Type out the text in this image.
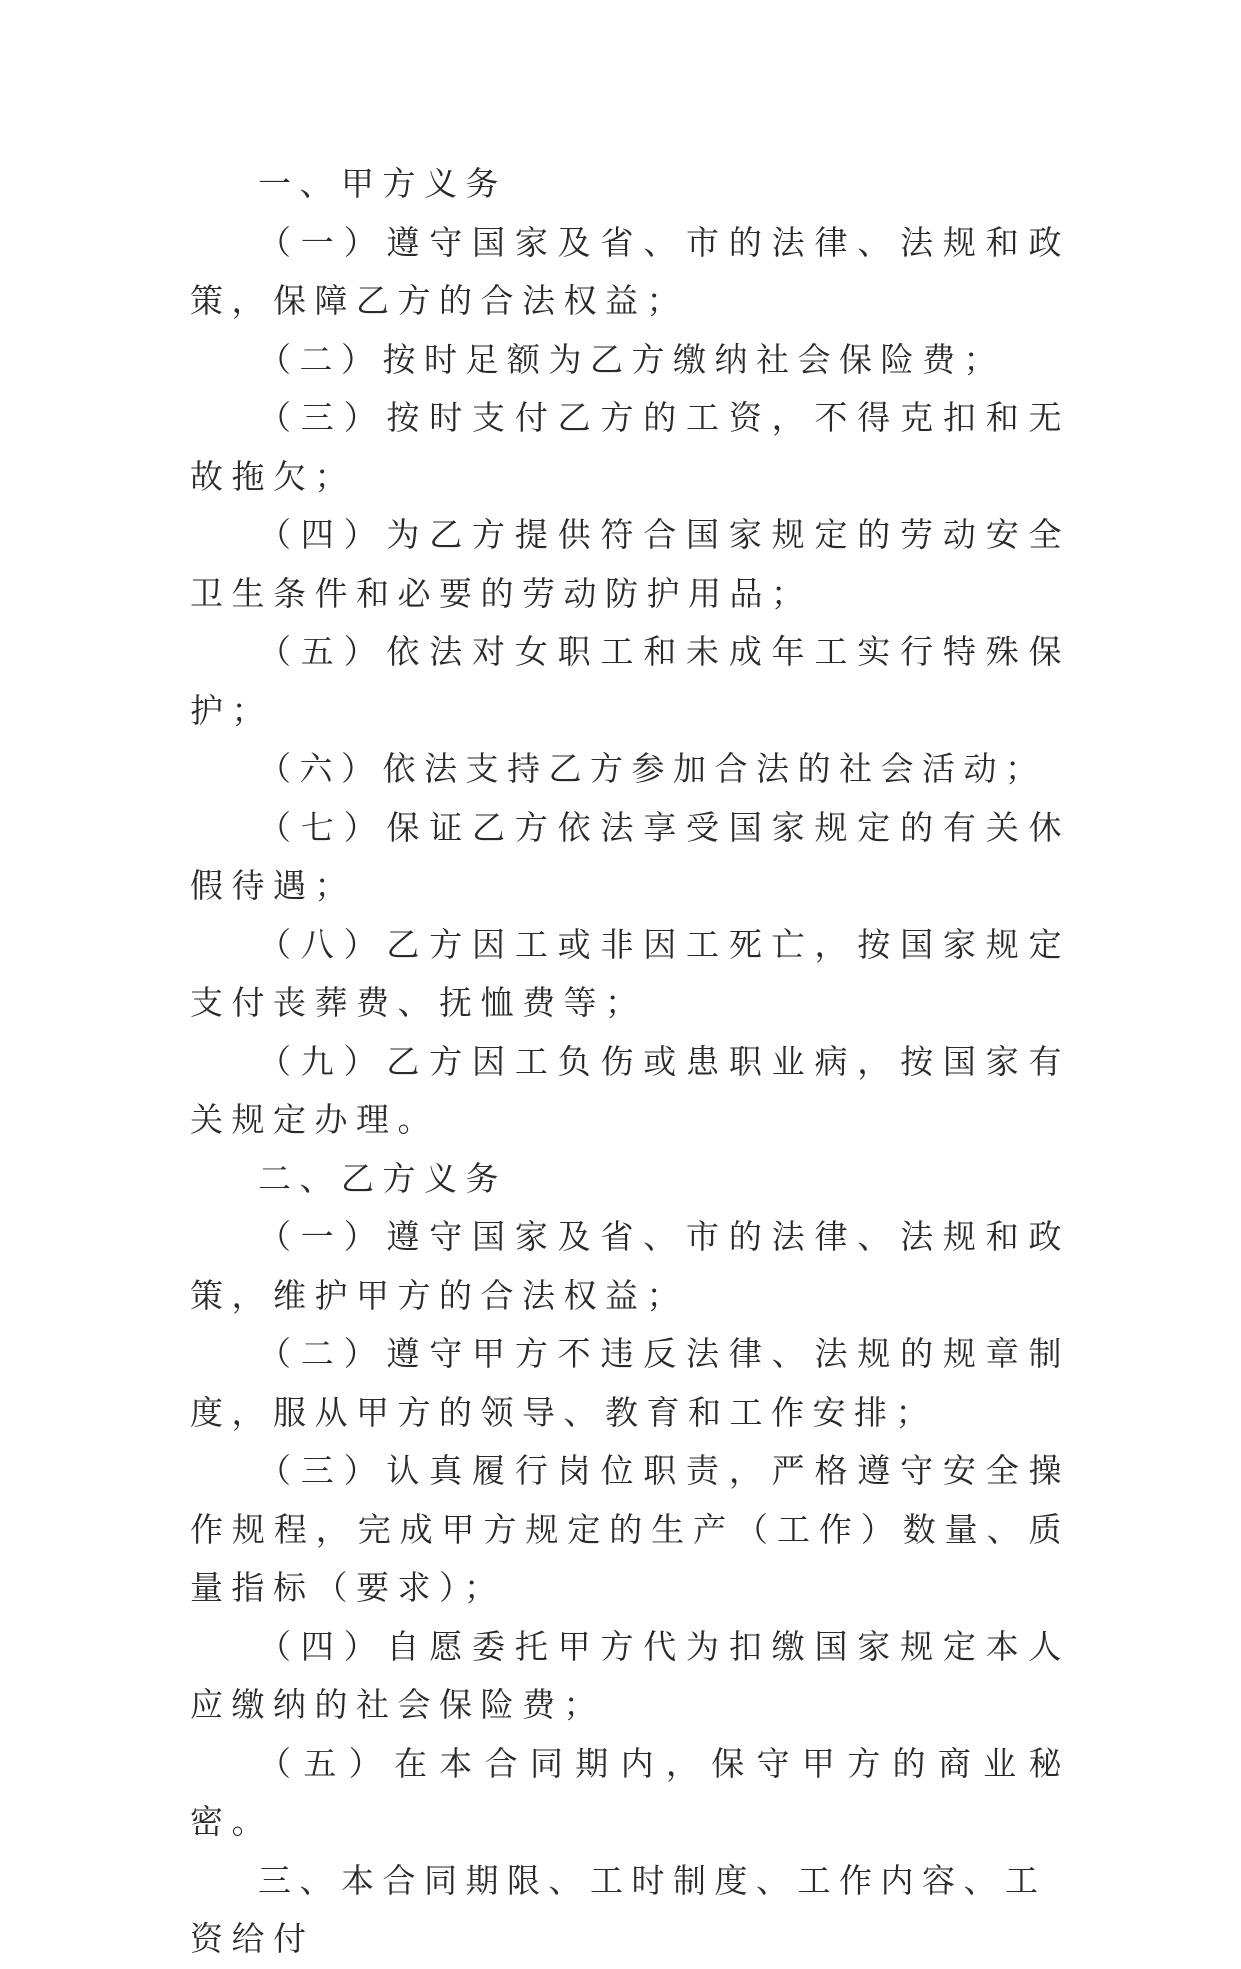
一、甲方义务

（一）遵守国家及省、市的法律、法规和政策，保障乙方的合法权益；

（二）按时足额为乙方缴纳社会保险费；

（三）按时支付乙方的工资，不得克扣和无故拖欠；

（四）为乙方提供符合国家规定的劳动安全卫生条件和必要的劳动防护用品；

（五）依法对女职工和未成年工实行特殊保护；

（六）依法支持乙方参加合法的社会活动；

（七）保证乙方依法享受国家规定的有关休假待遇；

（八）乙方因工或非因工死亡，按国家规定支付丧葬费、抚恤费等；

（九）乙方因工负伤或患职业病，按国家有关规定办理。

二、乙方义务

（一）遵守国家及省、市的法律、法规和政策，维护甲方的合法权益；

（二）遵守甲方不违反法律、法规的规章制度，服从甲方的领导、教育和工作安排；

（三）认真履行岗位职责，严格遵守安全操作规程，完成甲方规定的生产（工作）数量、质量指标（要求）；

（四）自愿委托甲方代为扣缴国家规定本人应缴纳的社会保险费；

（五）在本合同期内，保守甲方的商业秘密。

三、本合同期限、工时制度、工作内容、工资给付
